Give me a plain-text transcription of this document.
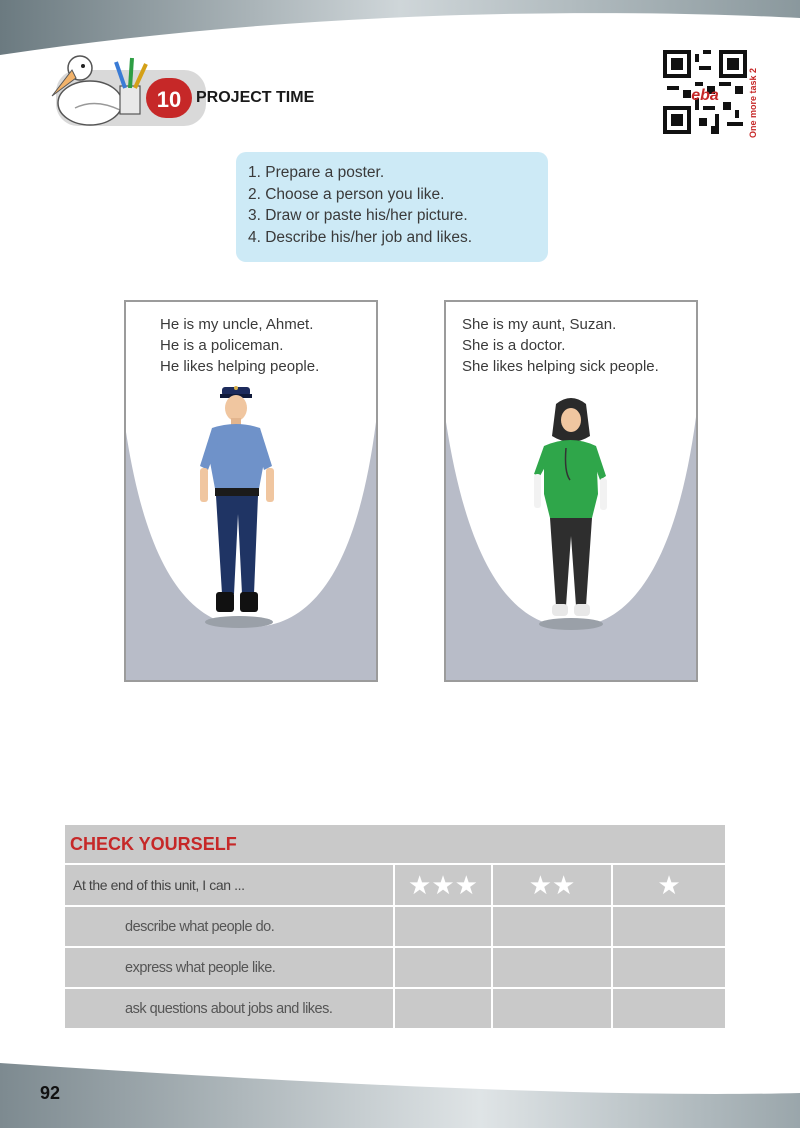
10 PROJECT TIME	eba	One more task 2
1. Prepare a poster.
2. Choose a person you like.
3. Draw or paste his/her picture.
4. Describe his/her job and likes.
He is my uncle, Ahmet.
He is a policeman.
He likes helping people.
She is my aunt, Suzan.
She is a doctor.
She likes helping sick people.
CHECK YOURSELF			
At the end of this unit, I can ...	★★★	★★	★
describe what people do.			
express what people like.			
ask questions about jobs and likes.			
92
